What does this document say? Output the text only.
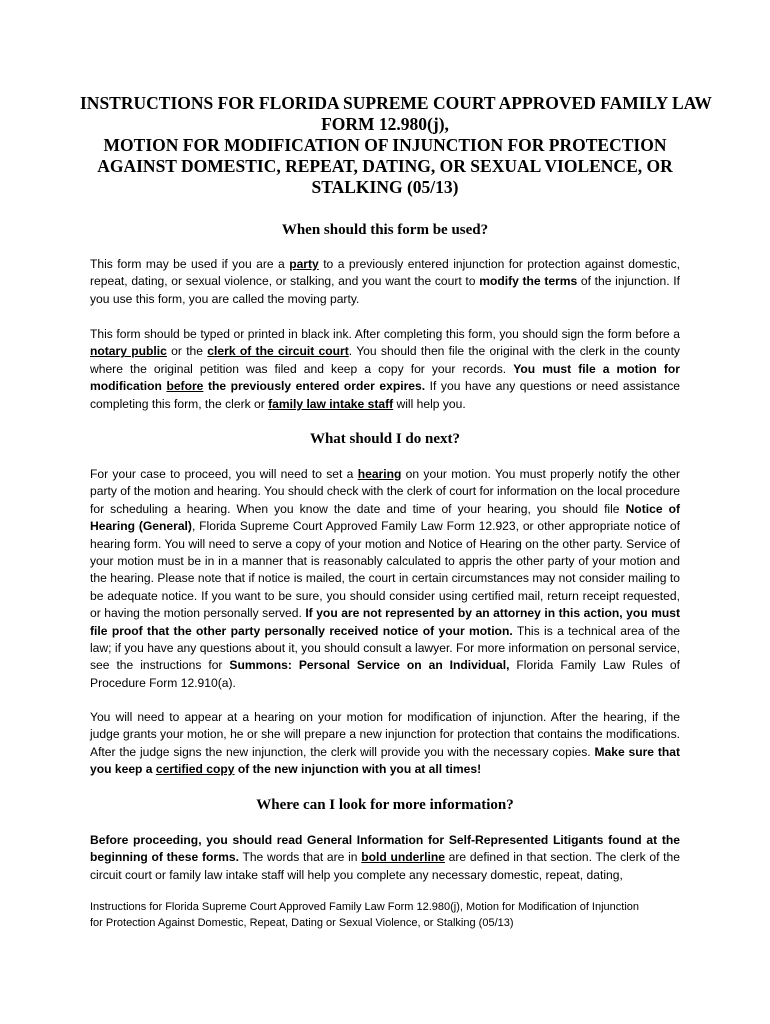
INSTRUCTIONS FOR FLORIDA SUPREME COURT APPROVED FAMILY LAW
FORM 12.980(j),
MOTION FOR MODIFICATION OF INJUNCTION FOR PROTECTION
AGAINST DOMESTIC, REPEAT, DATING, OR SEXUAL VIOLENCE, OR
STALKING (05/13)
When should this form be used?
This form may be used if you are a party to a previously entered injunction for protection against domestic, repeat, dating, or sexual violence, or stalking, and you want the court to modify the terms of the injunction. If you use this form, you are called the moving party.
This form should be typed or printed in black ink. After completing this form, you should sign the form before a notary public or the clerk of the circuit court. You should then file the original with the clerk in the county where the original petition was filed and keep a copy for your records. You must file a motion for modification before the previously entered order expires. If you have any questions or need assistance completing this form, the clerk or family law intake staff will help you.
What should I do next?
For your case to proceed, you will need to set a hearing on your motion. You must properly notify the other party of the motion and hearing. You should check with the clerk of court for information on the local procedure for scheduling a hearing. When you know the date and time of your hearing, you should file Notice of Hearing (General), Florida Supreme Court Approved Family Law Form 12.923, or other appropriate notice of hearing form. You will need to serve a copy of your motion and Notice of Hearing on the other party. Service of your motion must be in in a manner that is reasonably calculated to appris the other party of your motion and the hearing. Please note that if notice is mailed, the court in certain circumstances may not consider mailing to be adequate notice. If you want to be sure, you should consider using certified mail, return receipt requested, or having the motion personally served. If you are not represented by an attorney in this action, you must file proof that the other party personally received notice of your motion. This is a technical area of the law; if you have any questions about it, you should consult a lawyer. For more information on personal service, see the instructions for Summons: Personal Service on an Individual, Florida Family Law Rules of Procedure Form 12.910(a).
You will need to appear at a hearing on your motion for modification of injunction. After the hearing, if the judge grants your motion, he or she will prepare a new injunction for protection that contains the modifications. After the judge signs the new injunction, the clerk will provide you with the necessary copies. Make sure that you keep a certified copy of the new injunction with you at all times!
Where can I look for more information?
Before proceeding, you should read General Information for Self-Represented Litigants found at the beginning of these forms. The words that are in bold underline are defined in that section. The clerk of the circuit court or family law intake staff will help you complete any necessary domestic, repeat, dating,
Instructions for Florida Supreme Court Approved Family Law Form 12.980(j), Motion for Modification of Injunction
for Protection Against Domestic, Repeat, Dating or Sexual Violence, or Stalking (05/13)
